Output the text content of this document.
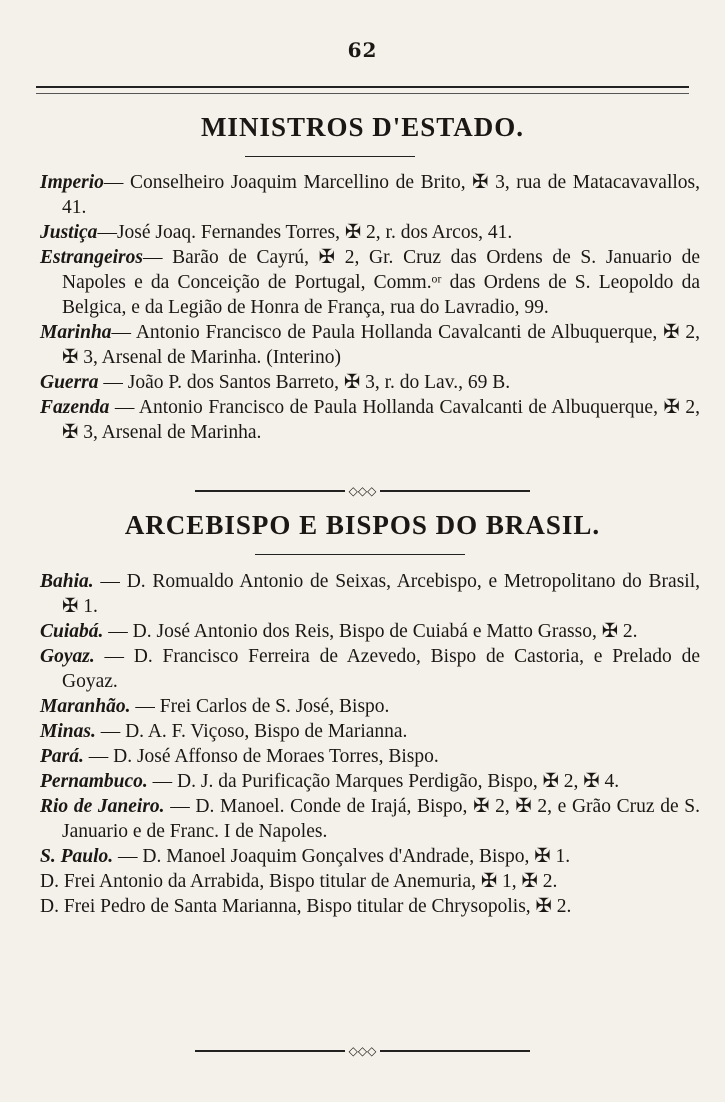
62
MINISTROS D'ESTADO.

Imperio— Conselheiro Joaquim Marcellino de Brito, ✠ 3, rua de Matacavavallos, 41.

Justiça—José Joaq. Fernandes Torres, ✠ 2, r. dos Arcos, 41.

Estrangeiros— Barão de Cayrú, ✠ 2, Gr. Cruz das Ordens de S. Januario de Napoles e da Conceição de Portugal, Comm.ᵒʳ das Ordens de S. Leopoldo da Belgica, e da Legião de Honra de França, rua do Lavradio, 99.

Marinha— Antonio Francisco de Paula Hollanda Cavalcanti de Albuquerque, ✠ 2, ✠ 3, Arsenal de Marinha. (Interino)

Guerra — João P. dos Santos Barreto, ✠ 3, r. do Lav., 69 B.

Fazenda — Antonio Francisco de Paula Hollanda Cavalcanti de Albuquerque, ✠ 2, ✠ 3, Arsenal de Marinha.

◇◇◇
ARCEBISPO E BISPOS DO BRASIL.

Bahia. — D. Romualdo Antonio de Seixas, Arcebispo, e Metropolitano do Brasil, ✠ 1.

Cuiabá. — D. José Antonio dos Reis, Bispo de Cuiabá e Matto Grasso, ✠ 2.

Goyaz. — D. Francisco Ferreira de Azevedo, Bispo de Castoria, e Prelado de Goyaz.

Maranhão. — Frei Carlos de S. José, Bispo.

Minas. — D. A. F. Viçoso, Bispo de Marianna.

Pará. — D. José Affonso de Moraes Torres, Bispo.

Pernambuco. — D. J. da Purificação Marques Perdigão, Bispo, ✠ 2, ✠ 4.

Rio de Janeiro. — D. Manoel. Conde de Irajá, Bispo, ✠ 2, ✠ 2, e Grão Cruz de S. Januario e de Franc. I de Napoles.

S. Paulo. — D. Manoel Joaquim Gonçalves d'Andrade, Bispo, ✠ 1.

D. Frei Antonio da Arrabida, Bispo titular de Anemuria, ✠ 1, ✠ 2.

D. Frei Pedro de Santa Marianna, Bispo titular de Chrysopolis, ✠ 2.

◇◇◇
